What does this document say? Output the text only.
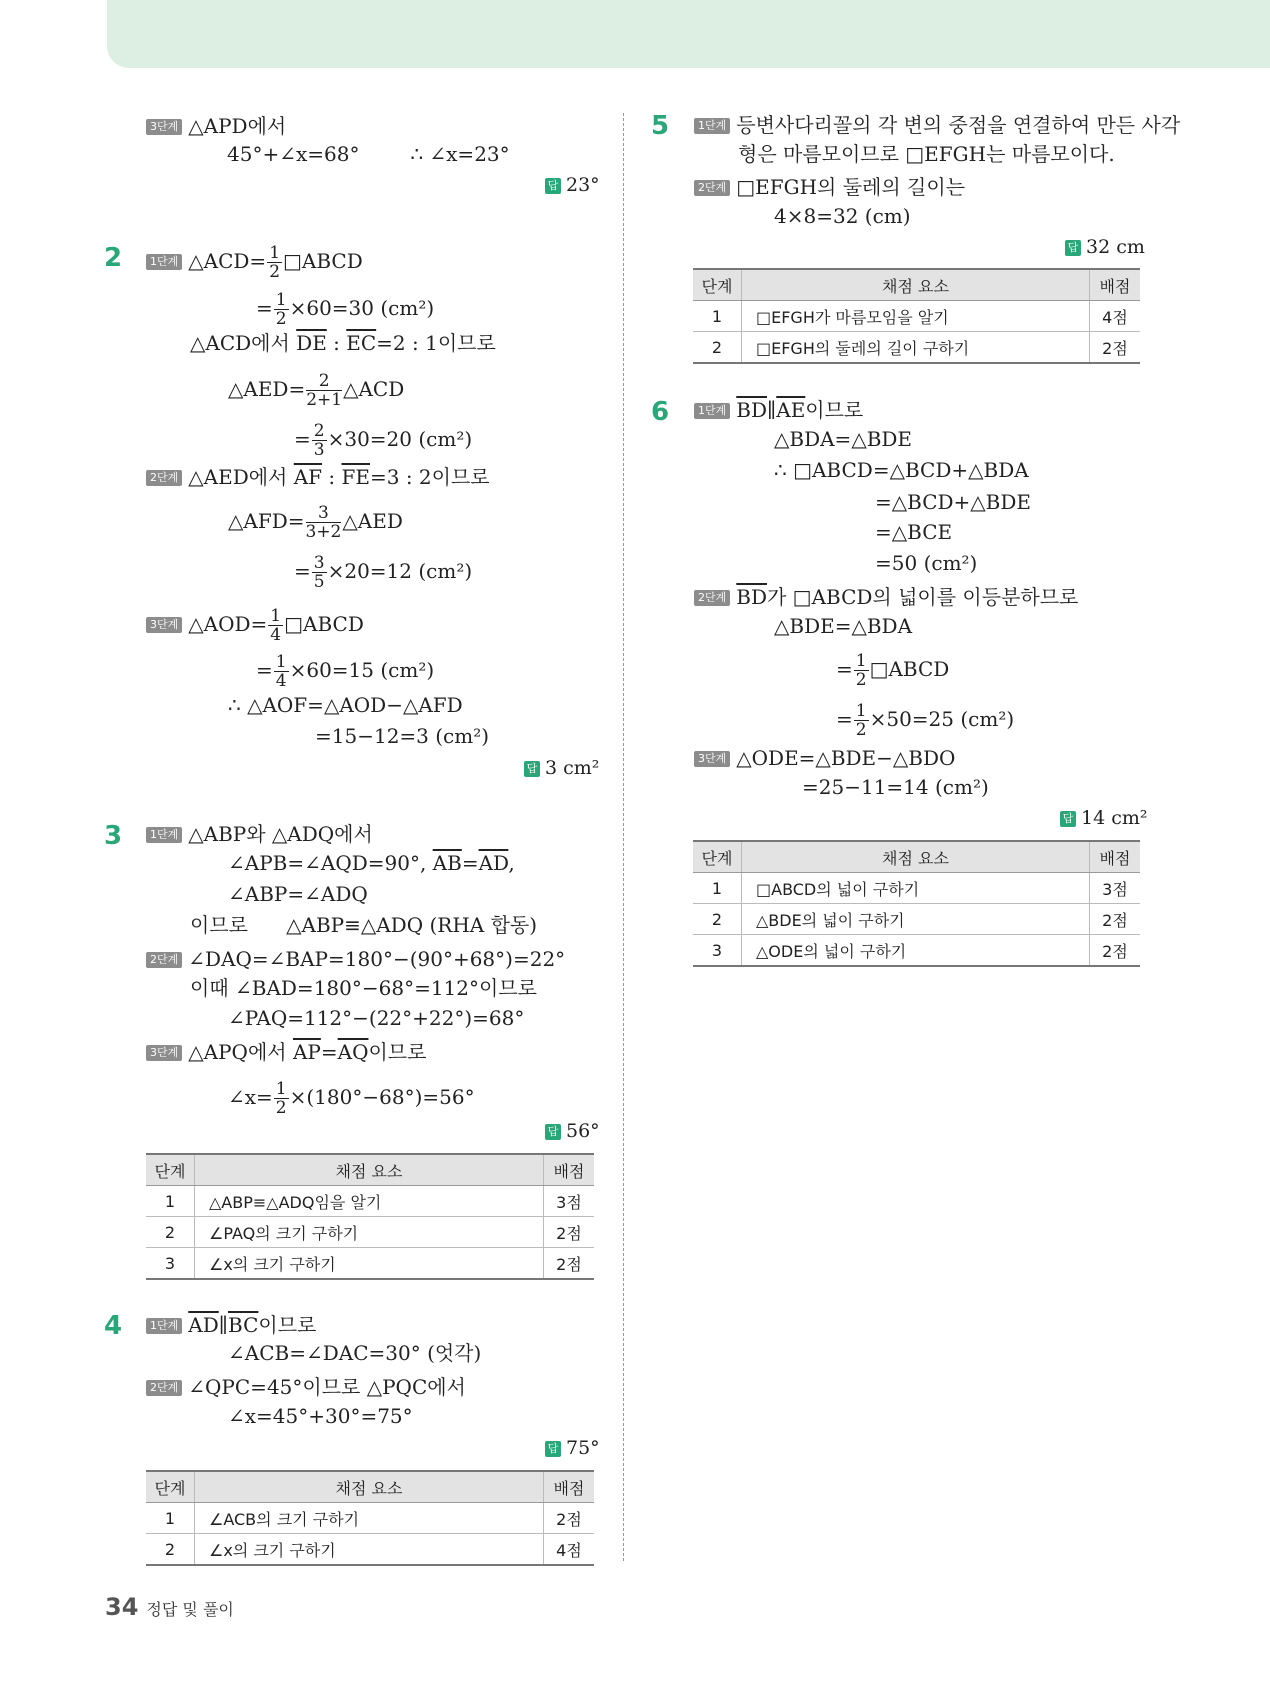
3단계 △APD에서
45°+∠x=68°	∴ ∠x=23°
답 23°
2	1단계 △ACD= $\frac{1}{2}$ □ABCD
= $\frac{1}{2} \times 60=30$ (cm²)
△ACD에서 $\overline{DE}$ : $\overline{EC}=2$ : 1이므로
△AED= $\frac{2}{2+1}$ △ACD
= $\frac{2}{3} \times 30=20$ (cm²)
2단계 △AED에서 $\overline{AF}$ : $\overline{FE}=3$ : 2이므로
△AFD= $\frac{3}{3+2}$ △AED
= $\frac{3}{5} \times 20=12$ (cm²)
3단계 △AOD= $\frac{1}{4}$ □ABCD
= $\frac{1}{4} \times 60=15$ (cm²)
∴ △AOF=△AOD−△AFD
=15−12=3 (cm²)
답 3 cm²
3	1단계 △ABP와 △ADQ에서
∠APB=∠AQD=90°, $\overline{AB}=\overline{AD}$,
∠ABP=∠ADQ
이므로 △ABP≡△ADQ (RHA 합동)
2단계 ∠DAQ=∠BAP=180°−(90°+68°)=22°
이때 ∠BAD=180°−68°=112°이므로
∠PAQ=112°−(22°+22°)=68°
3단계 △APQ에서 $\overline{AP}=\overline{AQ}$이므로
∠x= $\frac{1}{2} \times(180^\circ-68^\circ)=56^\circ$
답 56°
단계	채점 요소	배점
1	△ABP≡△ADQ임을 알기	3점
2	∠PAQ의 크기 구하기	2점
3	∠x의 크기 구하기	2점
4	1단계 $\overline{AD}\parallel\overline{BC}$이므로
∠ACB=∠DAC=30° (엇각)
2단계 ∠QPC=45°이므로 △PQC에서
∠x=45°+30°=75°
답 75°
단계	채점 요소	배점
1	∠ACB의 크기 구하기	2점
2	∠x의 크기 구하기	4점
5	1단계 등변사다리꼴의 각 변의 중점을 연결하여 만든 사각
형은 마름모이므로 □EFGH는 마름모이다.
2단계 □EFGH의 둘레의 길이는
4×8=32 (cm)
답 32 cm
단계	채점 요소	배점
1	□EFGH가 마름모임을 알기	4점
2	□EFGH의 둘레의 길이 구하기	2점
6	1단계 $\overline{BD}\parallel\overline{AE}$이므로
△BDA=△BDE
∴ □ABCD=△BCD+△BDA
=△BCD+△BDE
=△BCE
=50 (cm²)
2단계 $\overline{BD}$가 □ABCD의 넓이를 이등분하므로
△BDE=△BDA
= $\frac{1}{2}$ □ABCD
= $\frac{1}{2} \times 50=25$ (cm²)
3단계 △ODE=△BDE−△BDO
=25−11=14 (cm²)
답 14 cm²
단계	채점 요소	배점
1	□ABCD의 넓이 구하기	3점
2	△BDE의 넓이 구하기	2점
3	△ODE의 넓이 구하기	2점
34 정답 및 풀이
